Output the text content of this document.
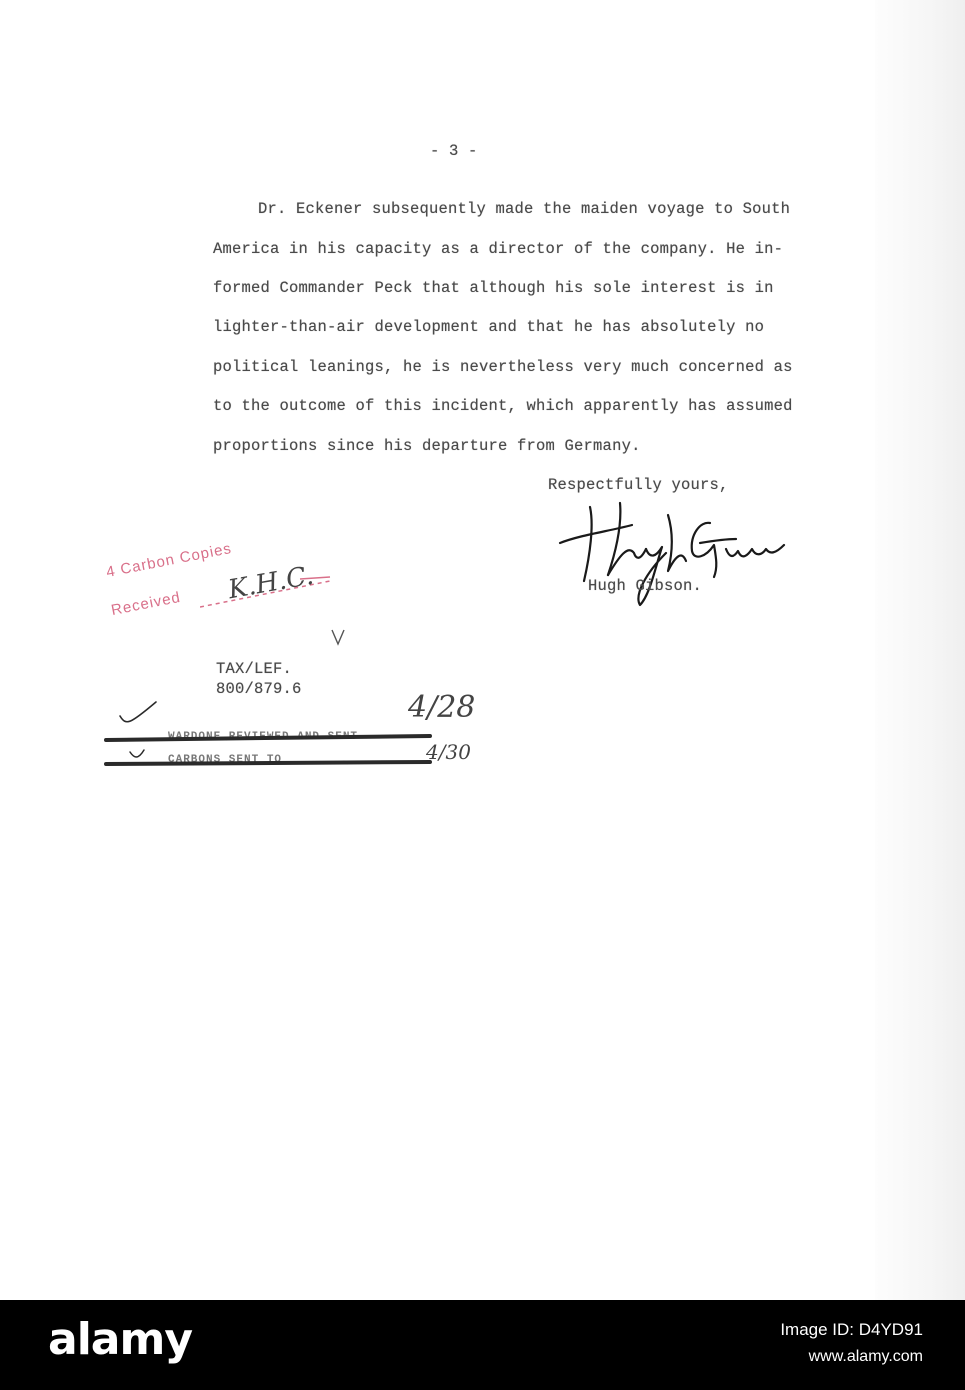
- 3 -
Dr. Eckener subsequently made the maiden voyage to South
America in his capacity as a director of the company. He in-
formed Commander Peck that although his sole interest is in
lighter-than-air development and that he has absolutely no
political leanings, he is nevertheless very much concerned as
to the outcome of this incident, which apparently has assumed
proportions since his departure from Germany.
Respectfully yours,
Hugh Gibson.
4 Carbon Copies
Received K.H.C.
TAX/LEF.
800/879.6
WARDONE REVIEWED AND SENT
CARBONS SENT TO
4/28
4/30
alamy	Image ID: D4YD91
www.alamy.com
